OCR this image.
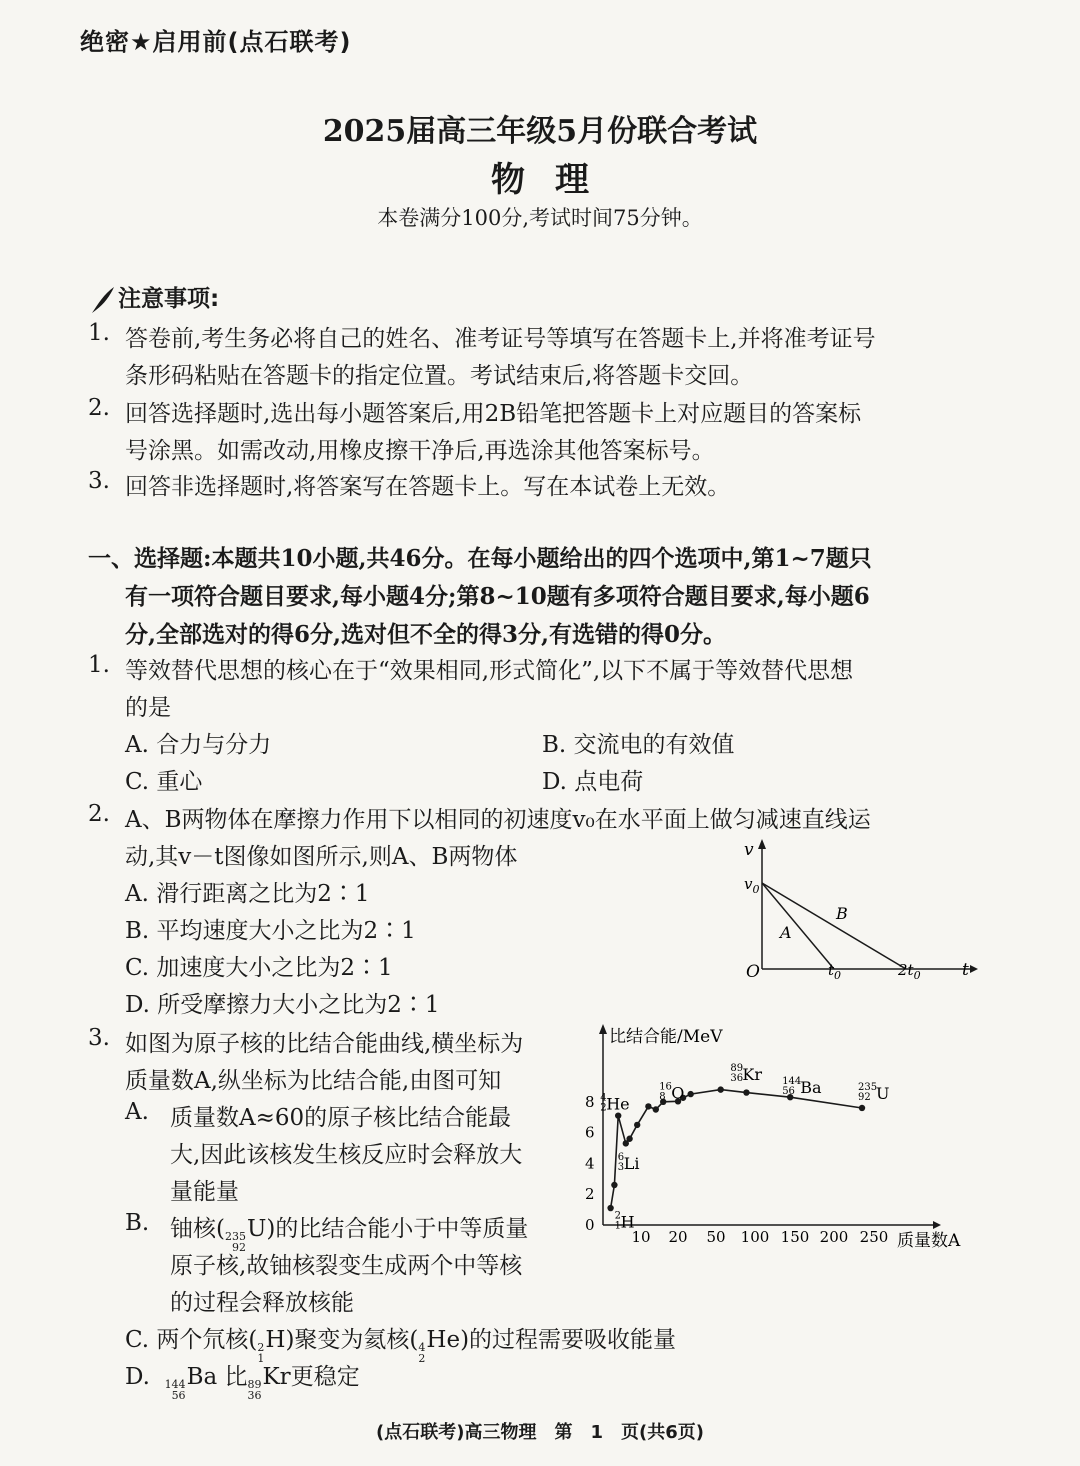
绝密★启用前(点石联考)
2025届高三年级5月份联合考试
物理
本卷满分100分,考试时间75分钟。
注意事项:
1. 答卷前,考生务必将自己的姓名、准考证号等填写在答题卡上,并将准考证号
条形码粘贴在答题卡的指定位置。考试结束后,将答题卡交回。
2. 回答选择题时,选出每小题答案后,用2B铅笔把答题卡上对应题目的答案标
号涂黑。如需改动,用橡皮擦干净后,再选涂其他答案标号。
3. 回答非选择题时,将答案写在答题卡上。写在本试卷上无效。
一、选择题:本题共10小题,共46分。在每小题给出的四个选项中,第1~7题只
有一项符合题目要求,每小题4分;第8~10题有多项符合题目要求,每小题6
分,全部选对的得6分,选对但不全的得3分,有选错的得0分。
1. 等效替代思想的核心在于“效果相同,形式简化”,以下不属于等效替代思想
的是
A. 合力与分力	B. 交流电的有效值
C. 重心	D. 点电荷
2. A、B两物体在摩擦力作用下以相同的初速度v₀在水平面上做匀减速直线运
动,其v－t图像如图所示,则A、B两物体
A. 滑行距离之比为2∶1
B. 平均速度大小之比为2∶1
C. 加速度大小之比为2∶1
D. 所受摩擦力大小之比为2∶1
v
$v_0$
O	$t_0$	$2t_0$ t
A
B
3. 如图为原子核的比结合能曲线,横坐标为
质量数A,纵坐标为比结合能,由图可知
A. 质量数A≈60的原子核比结合能最
大,因此该核发生核反应时会释放大
量能量
B. 铀核( 235
92
U)的比结合能小于中等质量
原子核,故铀核裂变生成两个中等核
的过程会释放核能
C. 两个氘核( 2
1
H)聚变为氦核( 4
2
He)的过程需要吸收能量
D. 144
56
Ba 比 89
36
Kr更稳定
比结合能/MeV
质量数A
0
2
4
6
8
10 20 50 100 150 200 250
4
2 He
6
3 Li
2
1 H
16
8 O
89
36 Kr 144
56 Ba	235
92 U
(点石联考)高三物理　第　1　页(共6页)
